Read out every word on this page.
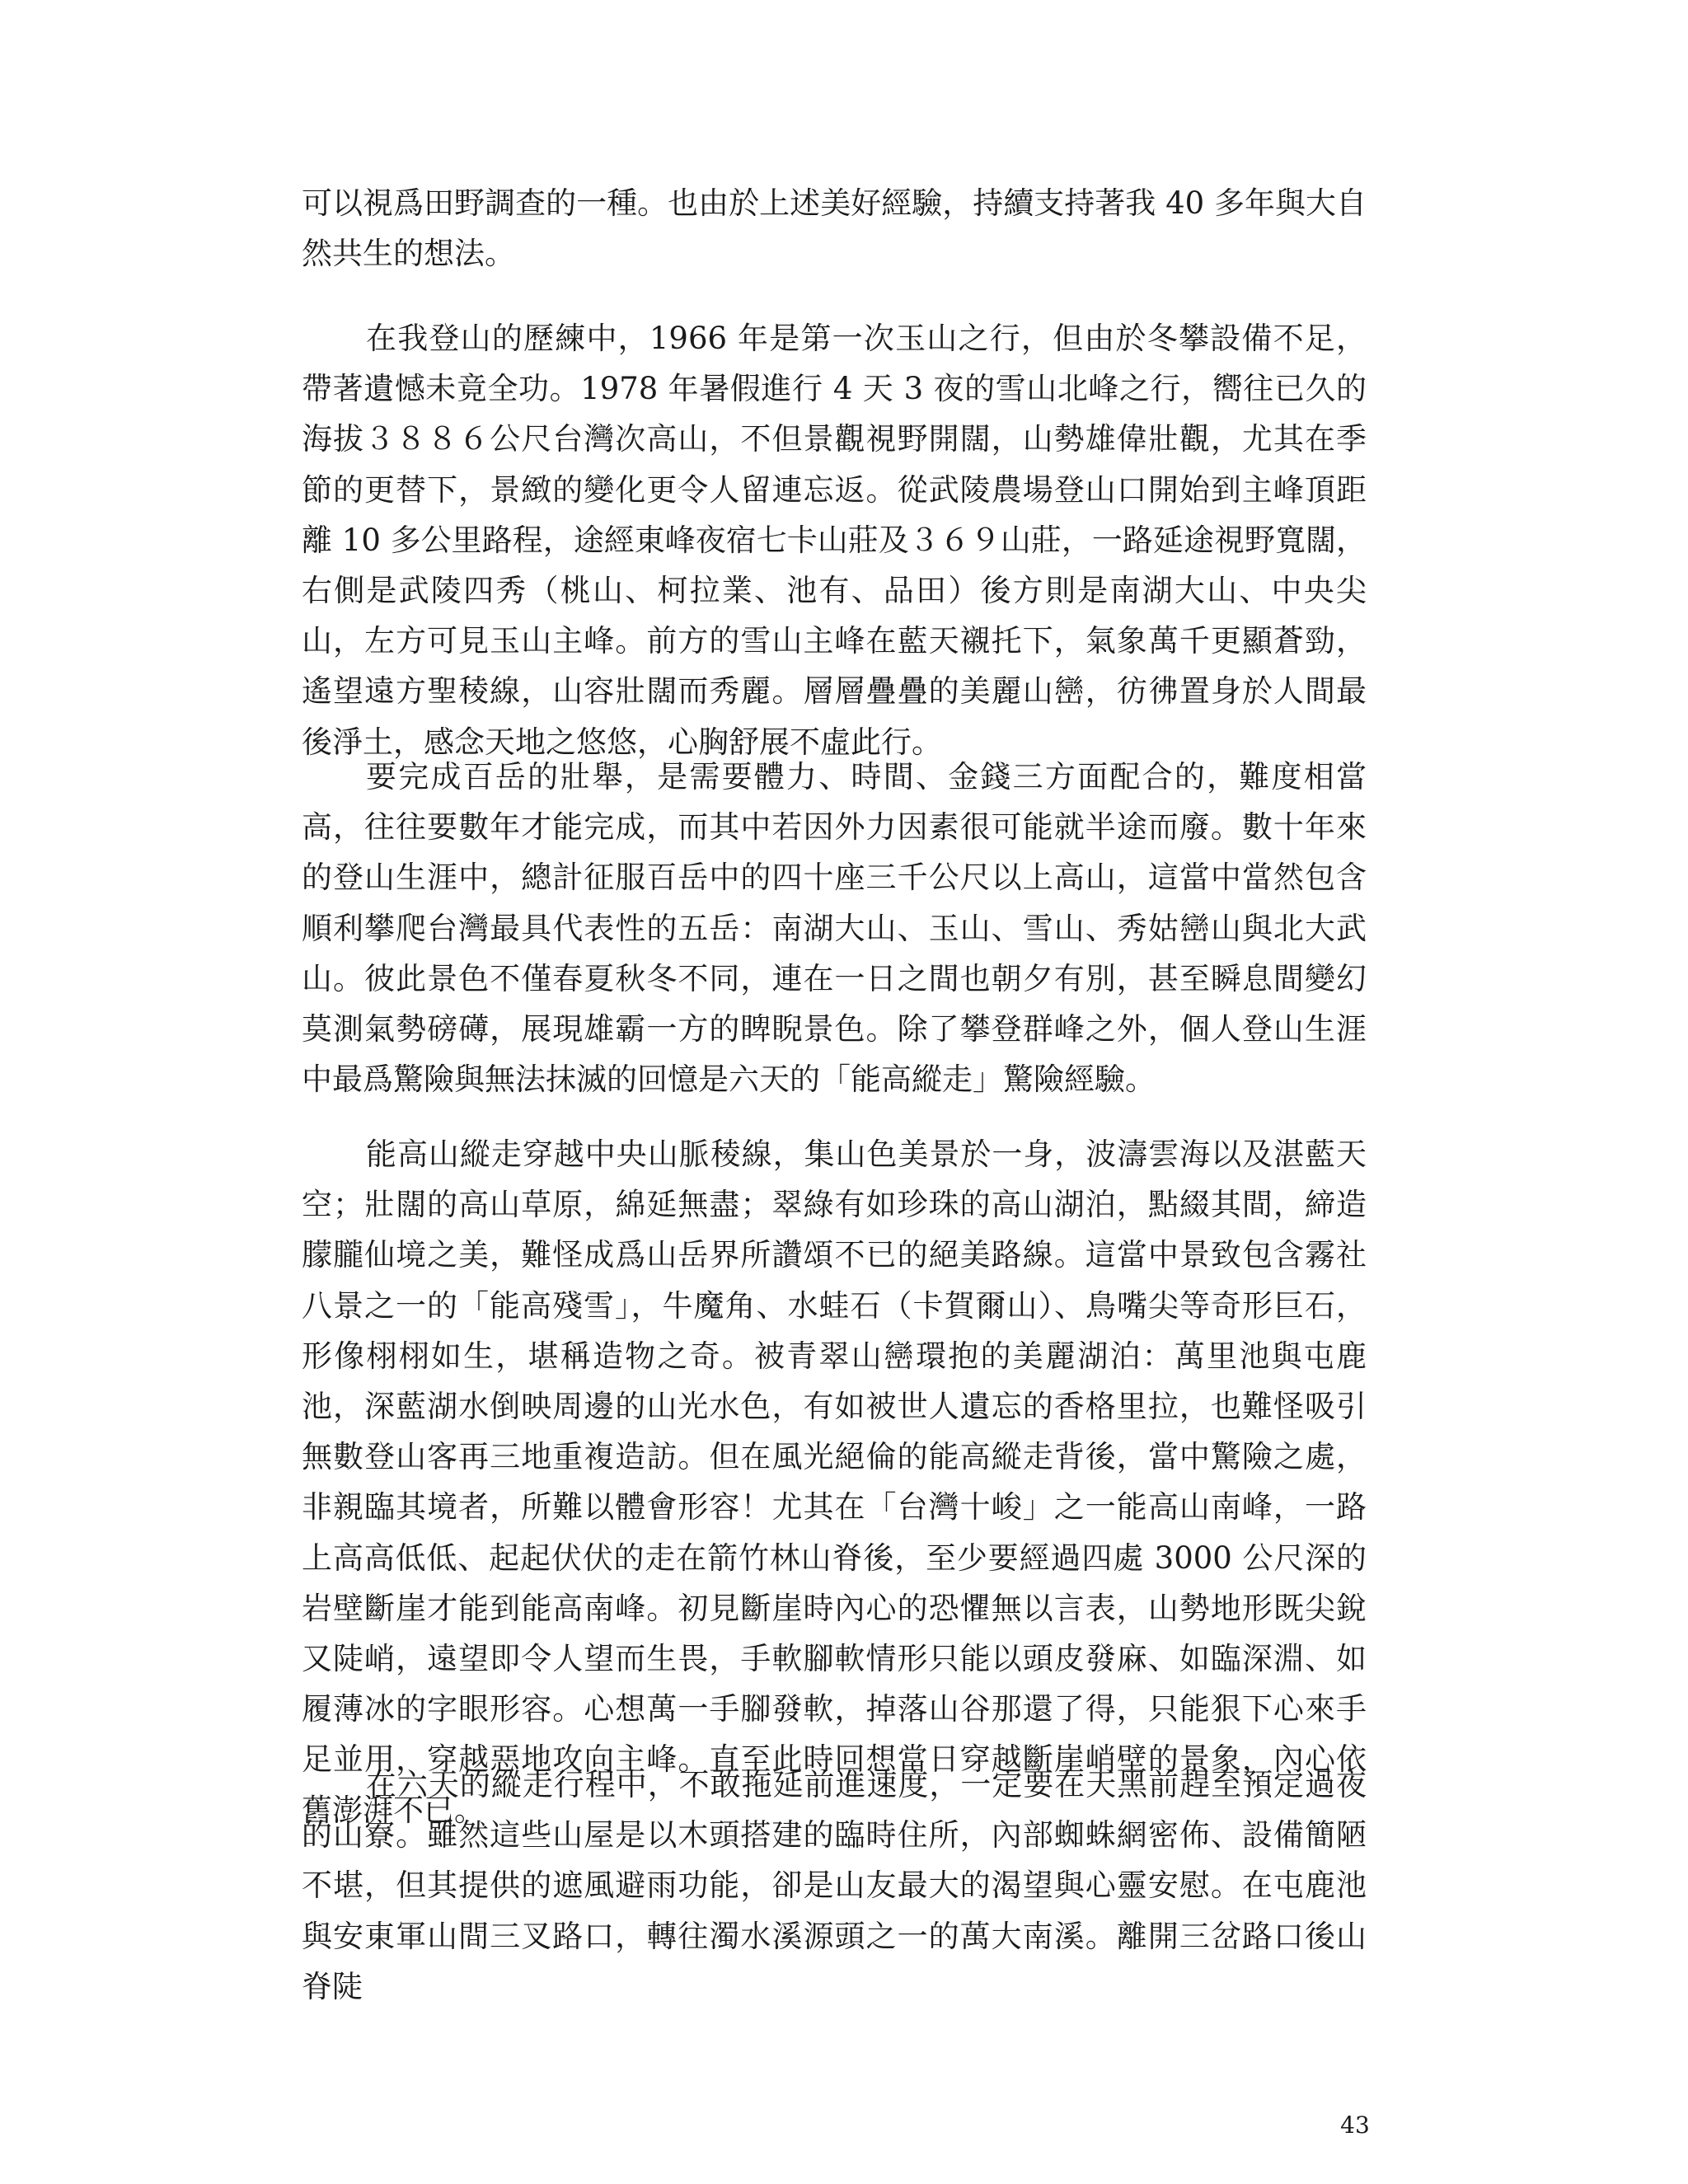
可以視爲田野調查的一種。也由於上述美好經驗，持續支持著我 40 多年與大自然共生的想法。

在我登山的歷練中，1966 年是第一次玉山之行，但由於冬攀設備不足，帶著遺憾未竟全功。1978 年暑假進行 4 天 3 夜的雪山北峰之行，嚮往已久的海拔３８８６公尺台灣次高山，不但景觀視野開闊，山勢雄偉壯觀，尤其在季節的更替下，景緻的變化更令人留連忘返。從武陵農場登山口開始到主峰頂距離 10 多公里路程，途經東峰夜宿七卡山莊及３６９山莊，一路延途視野寬闊，右側是武陵四秀（桃山、柯拉業、池有、品田）後方則是南湖大山、中央尖山，左方可見玉山主峰。前方的雪山主峰在藍天襯托下，氣象萬千更顯蒼勁，遙望遠方聖稜線，山容壯闊而秀麗。層層疊疊的美麗山巒，彷彿置身於人間最後淨土，感念天地之悠悠，心胸舒展不虛此行。

要完成百岳的壯舉，是需要體力、時間、金錢三方面配合的，難度相當高，往往要數年才能完成，而其中若因外力因素很可能就半途而廢。數十年來的登山生涯中，總計征服百岳中的四十座三千公尺以上高山，這當中當然包含順利攀爬台灣最具代表性的五岳：南湖大山、玉山、雪山、秀姑巒山與北大武山。彼此景色不僅春夏秋冬不同，連在一日之間也朝夕有別，甚至瞬息間變幻莫測氣勢磅礡，展現雄霸一方的睥睨景色。除了攀登群峰之外，個人登山生涯中最爲驚險與無法抹滅的回憶是六天的「能高縱走」驚險經驗。

能高山縱走穿越中央山脈稜線，集山色美景於一身，波濤雲海以及湛藍天空；壯闊的高山草原，綿延無盡；翠綠有如珍珠的高山湖泊，點綴其間，締造朦朧仙境之美，難怪成爲山岳界所讚頌不已的絕美路線。這當中景致包含霧社八景之一的「能高殘雪」，牛魔角、水蛙石（卡賀爾山）、鳥嘴尖等奇形巨石，形像栩栩如生，堪稱造物之奇。被青翠山巒環抱的美麗湖泊：萬里池與屯鹿池，深藍湖水倒映周邊的山光水色，有如被世人遺忘的香格里拉，也難怪吸引無數登山客再三地重複造訪。但在風光絕倫的能高縱走背後，當中驚險之處，非親臨其境者，所難以體會形容！尤其在「台灣十峻」之一能高山南峰，一路上高高低低、起起伏伏的走在箭竹林山脊後，至少要經過四處 3000 公尺深的岩壁斷崖才能到能高南峰。初見斷崖時內心的恐懼無以言表，山勢地形既尖銳又陡峭，遠望即令人望而生畏，手軟腳軟情形只能以頭皮發麻、如臨深淵、如履薄冰的字眼形容。心想萬一手腳發軟，掉落山谷那還了得，只能狠下心來手足並用，穿越惡地攻向主峰。直至此時回想當日穿越斷崖峭壁的景象，內心依舊澎湃不已。

在六天的縱走行程中，不敢拖延前進速度，一定要在天黑前趕至預定過夜的山寮。雖然這些山屋是以木頭搭建的臨時住所，內部蜘蛛網密佈、設備簡陋不堪，但其提供的遮風避雨功能，卻是山友最大的渴望與心靈安慰。在屯鹿池與安東軍山間三叉路口，轉往濁水溪源頭之一的萬大南溪。離開三岔路口後山脊陡

43
